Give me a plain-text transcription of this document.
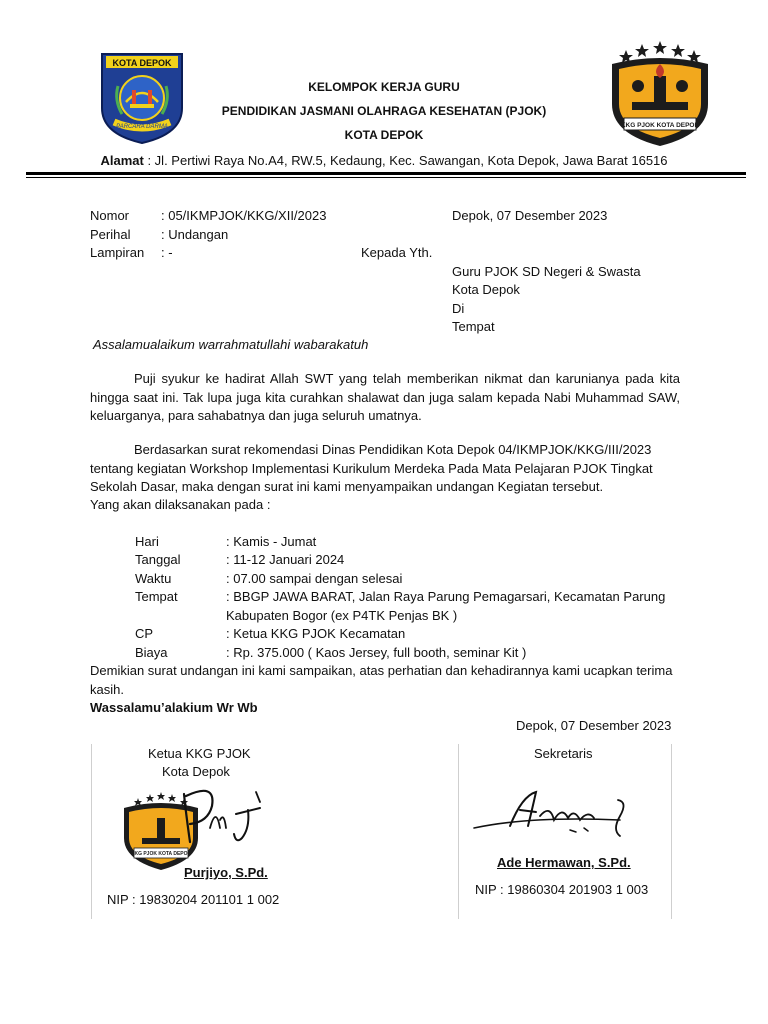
KOTA DEPOK
PARCARA DARMA	KKG PJOK KOTA DEPOK
KELOMPOK KERJA GURU
PENDIDIKAN JASMANI OLAHRAGA KESEHATAN (PJOK)
KOTA DEPOK
Alamat : Jl. Pertiwi Raya No.A4, RW.5, Kedaung, Kec. Sawangan, Kota Depok, Jawa Barat 16516
Nomor : 05/IKMPJOK/KKG/XII/2023	Depok, 07 Desember 2023
Perihal : Undangan
Lampiran : -	Kepada Yth.
Guru PJOK SD Negeri & Swasta
Kota Depok
Di
Tempat
Assalamualaikum warrahmatullahi wabarakatuh
Puji syukur ke hadirat Allah SWT yang telah memberikan nikmat dan karunianya pada kita hingga saat ini. Tak lupa juga kita curahkan shalawat dan juga salam kepada Nabi Muhammad SAW, keluarganya, para sahabatnya dan juga seluruh umatnya.
Berdasarkan surat rekomendasi Dinas Pendidikan Kota Depok 04/IKMPJOK/KKG/III/2023 tentang kegiatan Workshop Implementasi Kurikulum Merdeka Pada Mata Pelajaran PJOK Tingkat Sekolah Dasar, maka dengan surat ini kami menyampaikan undangan Kegiatan tersebut.
Yang akan dilaksanakan pada :
Hari	: Kamis - Jumat
Tanggal	: 11-12 Januari 2024
Waktu	: 07.00 sampai dengan selesai
Tempat	: BBGP JAWA BARAT, Jalan Raya Parung Pemagarsari, Kecamatan Parung
Kabupaten Bogor (ex P4TK Penjas BK )
CP	: Ketua KKG PJOK Kecamatan
Biaya	: Rp. 375.000 ( Kaos Jersey, full booth, seminar Kit )
Demikian surat undangan ini kami sampaikan, atas perhatian dan kehadirannya kami ucapkan terima kasih.
Wassalamu’alakium Wr Wb
Depok, 07 Desember 2023
Ketua KKG PJOK
Kota Depok
KKG PJOK KOTA DEPOK
Purjiyo, S.Pd.
NIP : 19830204 201101 1 002
Sekretaris
Ade Hermawan, S.Pd.
NIP : 19860304 201903 1 003
